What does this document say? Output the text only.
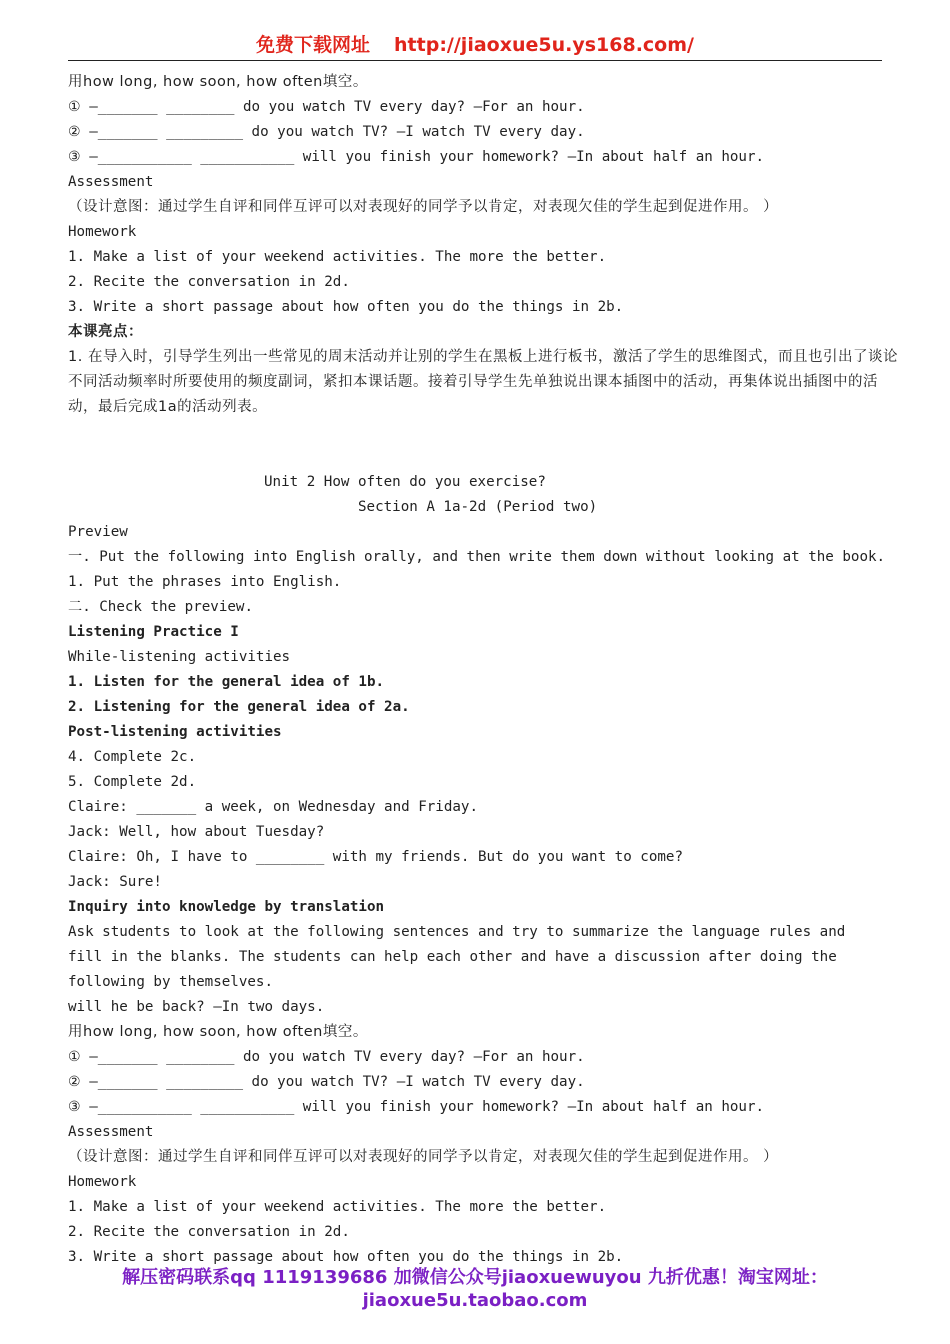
免费下载网址 http://jiaoxue5u.ys168.com/
用how long, how soon, how often填空。
① —_______ ________ do you watch TV every day? —For an hour.
② —_______ _________ do you watch TV? —I watch TV every day.
③ —___________ ___________ will you finish your homework? —In about half an hour.
Assessment
（设计意图：通过学生自评和同伴互评可以对表现好的同学予以肯定，对表现欠佳的学生起到促进作用。 ）
Homework
1. Make a list of your weekend activities. The more the better.
2. Recite the conversation in 2d.
3. Write a short passage about how often you do the things in 2b.
本课亮点：
1. 在导入时，引导学生列出一些常见的周末活动并让别的学生在黑板上进行板书，激活了学生的思维图式，而且也引出了谈论不同活动频率时所要使用的频度副词，紧扣本课话题。接着引导学生先单独说出课本插图中的活动，再集体说出插图中的活动，最后完成1a的活动列表。
Unit 2 How often do you exercise?
Section A 1a-2d (Period two)
Preview
一. Put the following into English orally, and then write them down without looking at the book.
1. Put the phrases into English.
二. Check the preview.
Listening Practice I
While-listening activities
1. Listen for the general idea of 1b.
2. Listening for the general idea of 2a.
Post-listening activities
4. Complete 2c.
5. Complete 2d.
Claire: _______ a week, on Wednesday and Friday.
Jack: Well, how about Tuesday?
Claire: Oh, I have to ________ with my friends. But do you want to come?
Jack: Sure!
Inquiry into knowledge by translation
Ask students to look at the following sentences and try to summarize the language rules and fill in the blanks. The students can help each other and have a discussion after doing the following by themselves.
will he be back? —In two days.
用how long, how soon, how often填空。
① —_______ ________ do you watch TV every day? —For an hour.
② —_______ _________ do you watch TV? —I watch TV every day.
③ —___________ ___________ will you finish your homework? —In about half an hour.
Assessment
（设计意图：通过学生自评和同伴互评可以对表现好的同学予以肯定，对表现欠佳的学生起到促进作用。 ）
Homework
1. Make a list of your weekend activities. The more the better.
2. Recite the conversation in 2d.
3. Write a short passage about how often you do the things in 2b.
解压密码联系qq 1119139686 加微信公众号jiaoxuewuyou 九折优惠！淘宝网址：
jiaoxue5u.taobao.com
